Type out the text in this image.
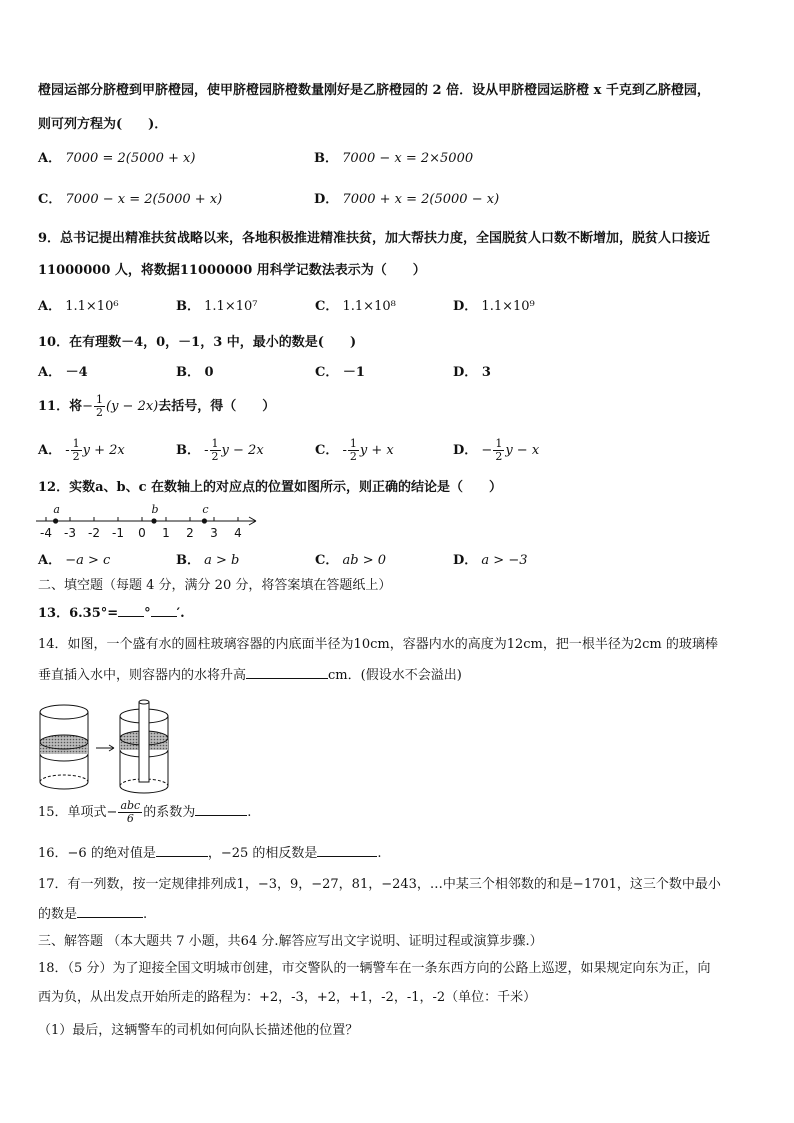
橙园运部分脐橙到甲脐橙园，使甲脐橙园脐橙数量刚好是乙脐橙园的 2 倍．设从甲脐橙园运脐橙 x 千克到乙脐橙园，
则可列方程为(　　)．
A． 7000 = 2(5000 + x)	B． 7000 − x = 2×5000
C． 7000 − x = 2(5000 + x)	D． 7000 + x = 2(5000 − x)
9．总书记提出精准扶贫战略以来，各地积极推进精准扶贫，加大帮扶力度，全国脱贫人口数不断增加，脱贫人口接近
11000000 人，将数据11000000 用科学记数法表示为（　　）
A． 1.1×10⁶	B． 1.1×10⁷	C． 1.1×10⁸	D． 1.1×10⁹
10．在有理数－4，0，－1，3 中，最小的数是(　　)
A． －4	B． 0	C． －1	D． 3
11．将− $\frac{1}{2} (y - 2x)$去括号，得（　　）
A． - $\frac{1}{2}$ y + 2x	B． - $\frac{1}{2}$ y − 2x	C． - $\frac{1}{2}$ y + x	D． − $\frac{1}{2}$ y − x
12．实数a、b、c 在数轴上的对应点的位置如图所示，则正确的结论是（　　）
-4 -3 -2 -1 0 1 2 3 4
a	b	c
A． −a > c	B． a > b	C． ab > 0	D． a > −3
二、填空题（每题 4 分，满分 20 分，将答案填在答题纸上）
13．6.35°= ° ′.
14．如图，一个盛有水的圆柱玻璃容器的内底面半径为10cm，容器内水的高度为12cm，把一根半径为2cm 的玻璃棒
垂直插入水中，则容器内的水将升高	cm．(假设水不会溢出)
15．单项式− $\frac{\text{abc}}{6}$ 的系数为	.
16．−6 的绝对值是	，−25 的相反数是	.
17．有一列数，按一定规律排列成1，−3，9，−27，81，−243，…中某三个相邻数的和是−1701，这三个数中最小
的数是	.
三、解答题 （本大题共 7 小题，共64 分.解答应写出文字说明、证明过程或演算步骤.）
18．（5 分）为了迎接全国文明城市创建，市交警队的一辆警车在一条东西方向的公路上巡逻，如果规定向东为正，向
西为负，从出发点开始所走的路程为：+2，-3，+2，+1，-2，-1，-2（单位：千米）
（1）最后，这辆警车的司机如何向队长描述他的位置？
